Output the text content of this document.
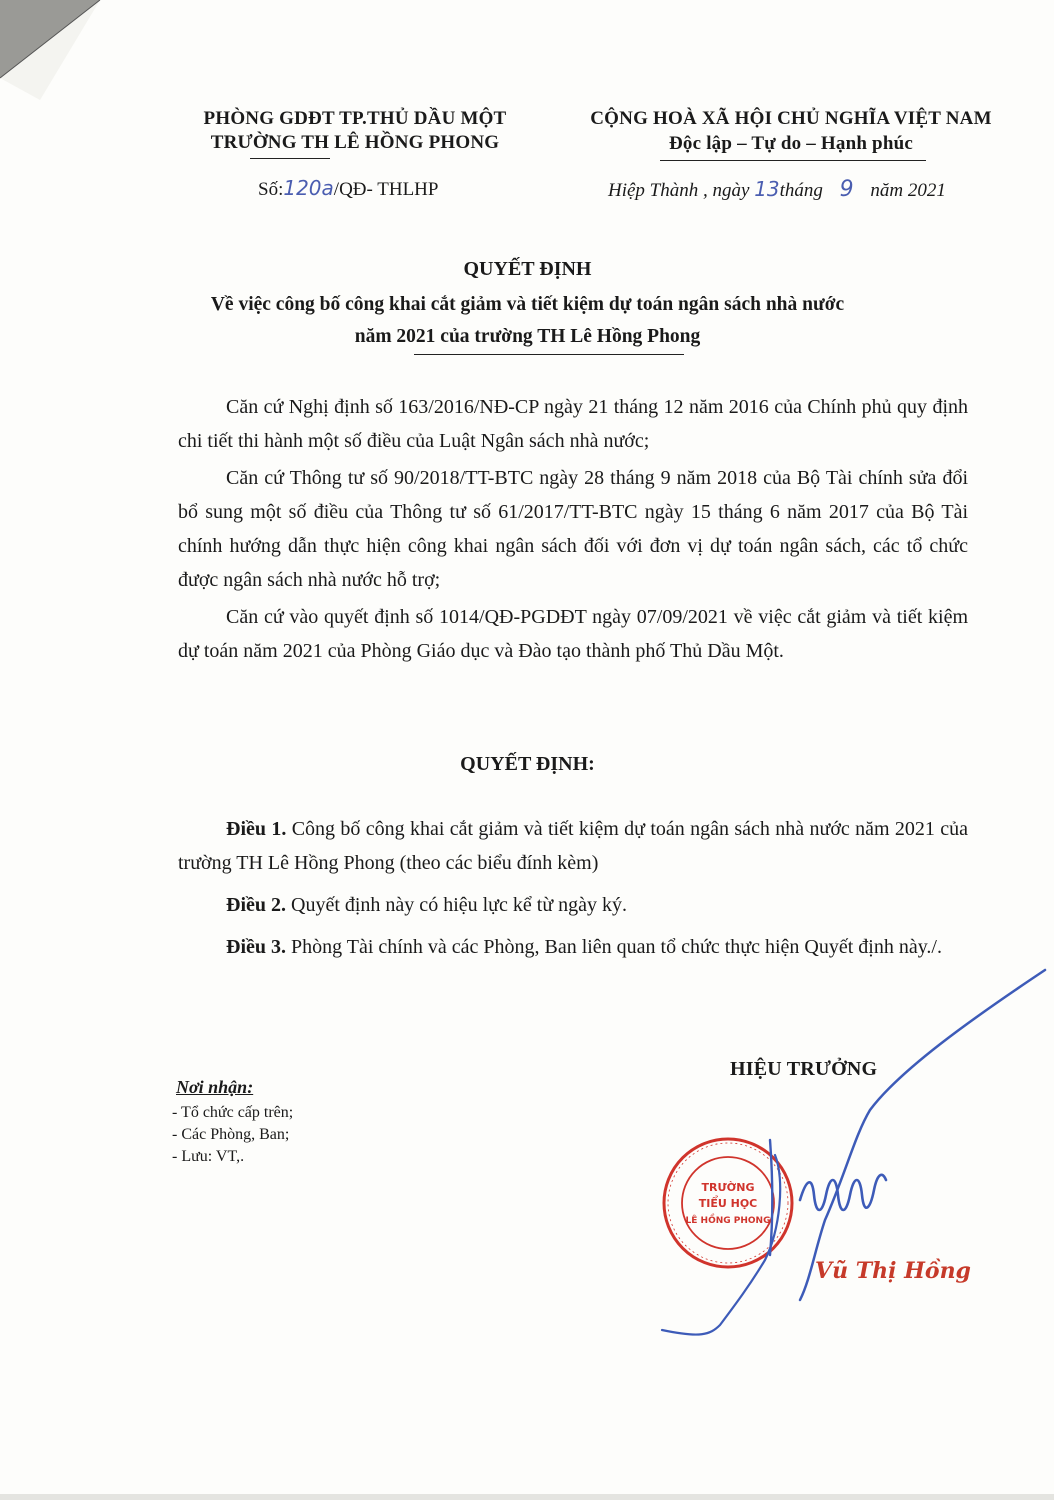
PHÒNG GDĐT TP.THỦ DẦU MỘT
TRƯỜNG TH LÊ HỒNG PHONG
Số:120a/QĐ- THLHP
CỘNG HOÀ XÃ HỘI CHỦ NGHĨA VIỆT NAM
Độc lập – Tự do – Hạnh phúc
Hiệp Thành , ngày 13tháng 9 năm 2021
QUYẾT ĐỊNH
Về việc công bố công khai cắt giảm và tiết kiệm dự toán ngân sách nhà nước
năm 2021 của trường TH Lê Hồng Phong

Căn cứ Nghị định số 163/2016/NĐ-CP ngày 21 tháng 12 năm 2016 của Chính phủ quy định chi tiết thi hành một số điều của Luật Ngân sách nhà nước;

Căn cứ Thông tư số 90/2018/TT-BTC ngày 28 tháng 9 năm 2018 của Bộ Tài chính sửa đổi bổ sung một số điều của Thông tư số 61/2017/TT-BTC ngày 15 tháng 6 năm 2017 của Bộ Tài chính hướng dẫn thực hiện công khai ngân sách đối với đơn vị dự toán ngân sách, các tổ chức được ngân sách nhà nước hỗ trợ;

Căn cứ vào quyết định số 1014/QĐ-PGDĐT ngày 07/09/2021 về việc cắt giảm và tiết kiệm dự toán năm 2021 của Phòng Giáo dục và Đào tạo thành phố Thủ Dầu Một.

QUYẾT ĐỊNH:

Điều 1. Công bố công khai cắt giảm và tiết kiệm dự toán ngân sách nhà nước năm 2021 của trường TH Lê Hồng Phong (theo các biểu đính kèm)

Điều 2. Quyết định này có hiệu lực kể từ ngày ký.

Điều 3. Phòng Tài chính và các Phòng, Ban liên quan tổ chức thực hiện Quyết định này./.

Nơi nhận:
- Tổ chức cấp trên;
- Các Phòng, Ban;
- Lưu: VT,.
HIỆU TRƯỞNG
TRƯỜNG
TIỂU HỌC
LÊ HỒNG PHONG
Vũ Thị Hồng
